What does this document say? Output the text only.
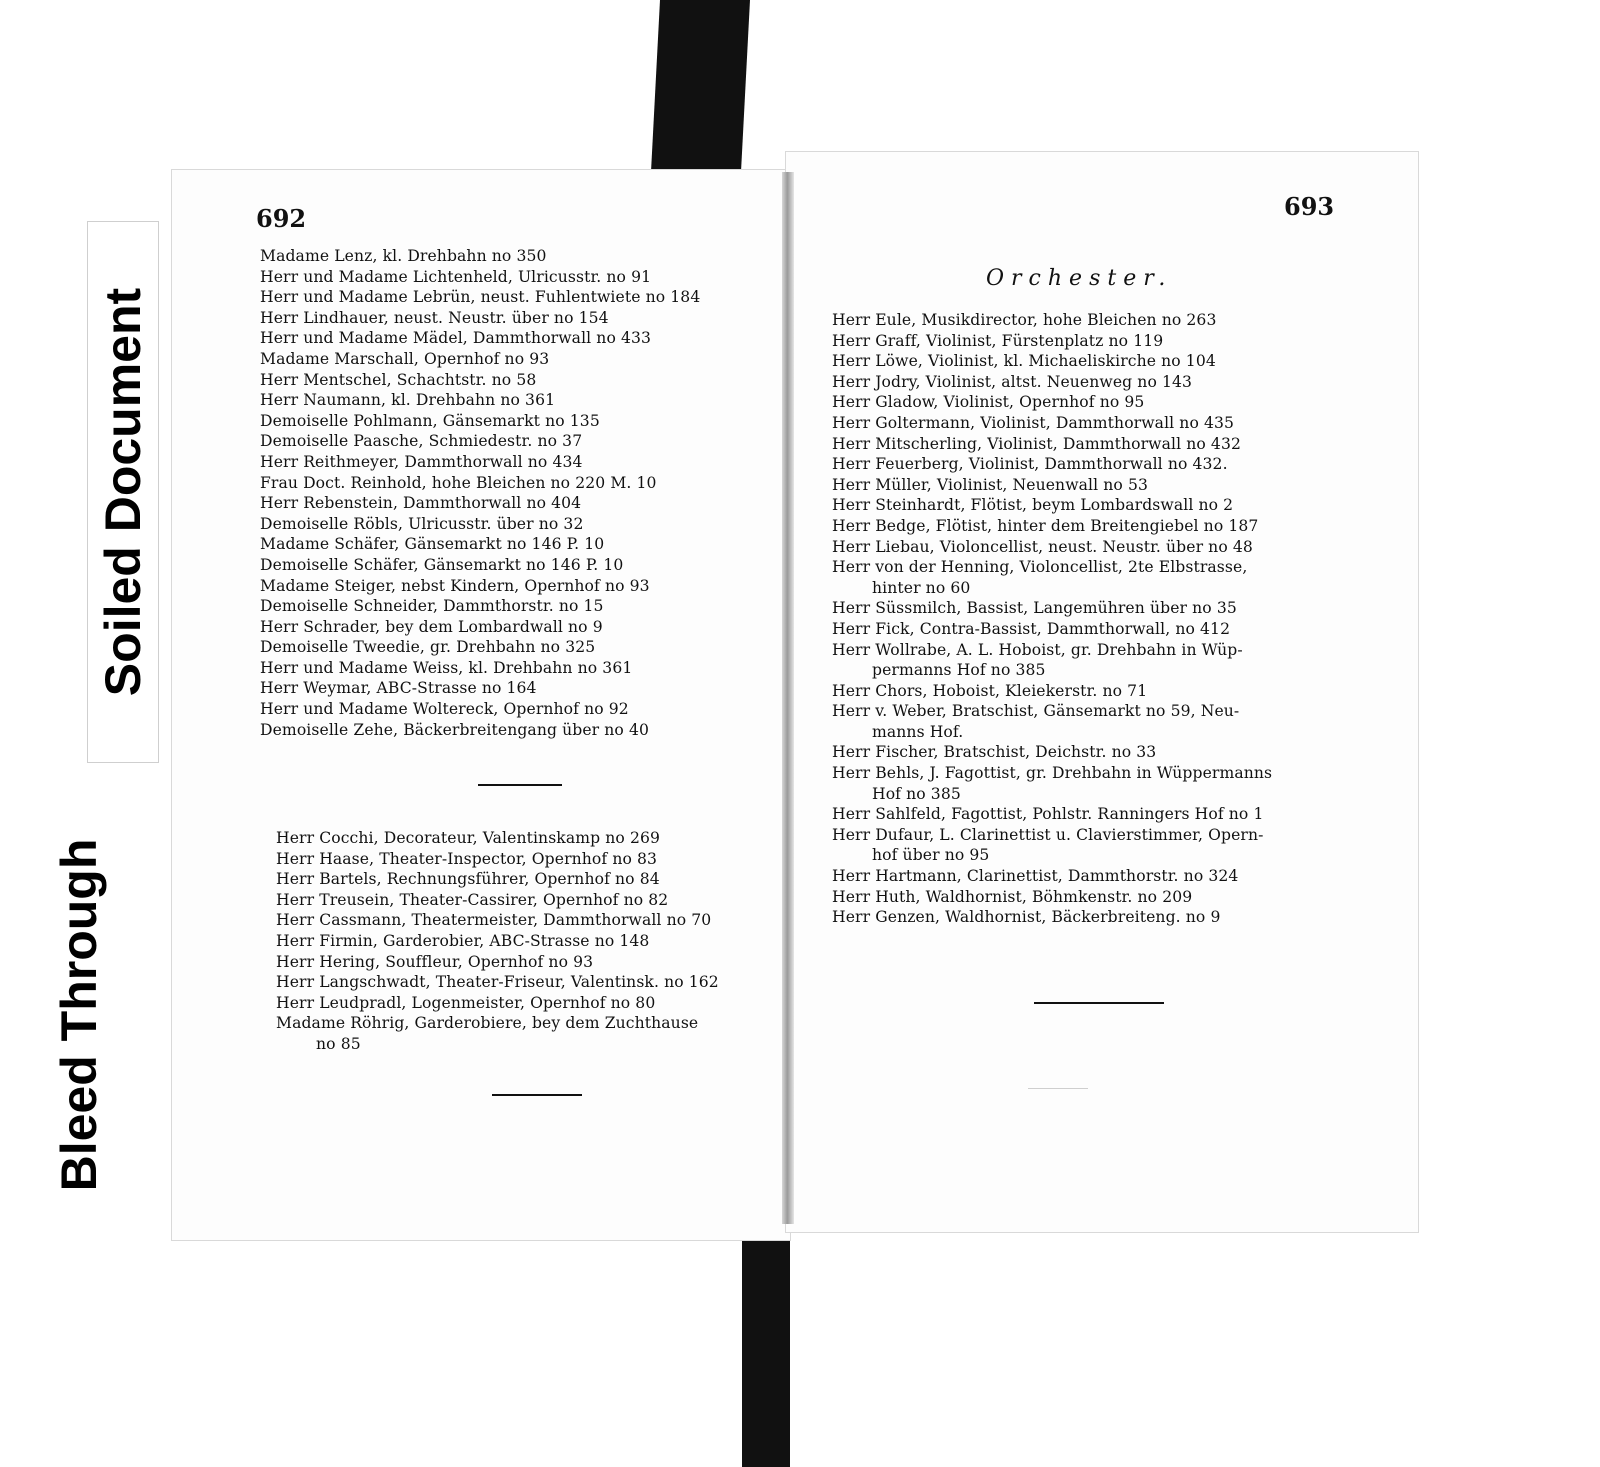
Soiled Document
Bleed Through
692	693
Madame Lenz, kl. Drehbahn no 350
Herr und Madame Lichtenheld, Ulricusstr. no 91
Herr und Madame Lebrün, neust. Fuhlentwiete no 184
Herr Lindhauer, neust. Neustr. über no 154
Herr und Madame Mädel, Dammthorwall no 433
Madame Marschall, Opernhof no 93
Herr Mentschel, Schachtstr. no 58
Herr Naumann, kl. Drehbahn no 361
Demoiselle Pohlmann, Gänsemarkt no 135
Demoiselle Paasche, Schmiedestr. no 37
Herr Reithmeyer, Dammthorwall no 434
Frau Doct. Reinhold, hohe Bleichen no 220 M. 10
Herr Rebenstein, Dammthorwall no 404
Demoiselle Röbls, Ulricusstr. über no 32
Madame Schäfer, Gänsemarkt no 146 P. 10
Demoiselle Schäfer, Gänsemarkt no 146 P. 10
Madame Steiger, nebst Kindern, Opernhof no 93
Demoiselle Schneider, Dammthorstr. no 15
Herr Schrader, bey dem Lombardwall no 9
Demoiselle Tweedie, gr. Drehbahn no 325
Herr und Madame Weiss, kl. Drehbahn no 361
Herr Weymar, ABC-Strasse no 164
Herr und Madame Woltereck, Opernhof no 92
Demoiselle Zehe, Bäckerbreitengang über no 40
Herr Cocchi, Decorateur, Valentinskamp no 269
Herr Haase, Theater-Inspector, Opernhof no 83
Herr Bartels, Rechnungsführer, Opernhof no 84
Herr Treusein, Theater-Cassirer, Opernhof no 82
Herr Cassmann, Theatermeister, Dammthorwall no 70
Herr Firmin, Garderobier, ABC-Strasse no 148
Herr Hering, Souffleur, Opernhof no 93
Herr Langschwadt, Theater-Friseur, Valentinsk. no 162
Herr Leudpradl, Logenmeister, Opernhof no 80
Madame Röhrig, Garderobiere, bey dem Zuchthause
no 85
Orchester.
Herr Eule, Musikdirector, hohe Bleichen no 263
Herr Graff, Violinist, Fürstenplatz no 119
Herr Löwe, Violinist, kl. Michaeliskirche no 104
Herr Jodry, Violinist, altst. Neuenweg no 143
Herr Gladow, Violinist, Opernhof no 95
Herr Goltermann, Violinist, Dammthorwall no 435
Herr Mitscherling, Violinist, Dammthorwall no 432
Herr Feuerberg, Violinist, Dammthorwall no 432.
Herr Müller, Violinist, Neuenwall no 53
Herr Steinhardt, Flötist, beym Lombardswall no 2
Herr Bedge, Flötist, hinter dem Breitengiebel no 187
Herr Liebau, Violoncellist, neust. Neustr. über no 48
Herr von der Henning, Violoncellist, 2te Elbstrasse,
hinter no 60
Herr Süssmilch, Bassist, Langemühren über no 35
Herr Fick, Contra-Bassist, Dammthorwall, no 412
Herr Wollrabe, A. L. Hoboist, gr. Drehbahn in Wüp-
permanns Hof no 385
Herr Chors, Hoboist, Kleiekerstr. no 71
Herr v. Weber, Bratschist, Gänsemarkt no 59, Neu-
manns Hof.
Herr Fischer, Bratschist, Deichstr. no 33
Herr Behls, J. Fagottist, gr. Drehbahn in Wüppermanns
Hof no 385
Herr Sahlfeld, Fagottist, Pohlstr. Ranningers Hof no 1
Herr Dufaur, L. Clarinettist u. Clavierstimmer, Opern-
hof über no 95
Herr Hartmann, Clarinettist, Dammthorstr. no 324
Herr Huth, Waldhornist, Böhmkenstr. no 209
Herr Genzen, Waldhornist, Bäckerbreiteng. no 9
